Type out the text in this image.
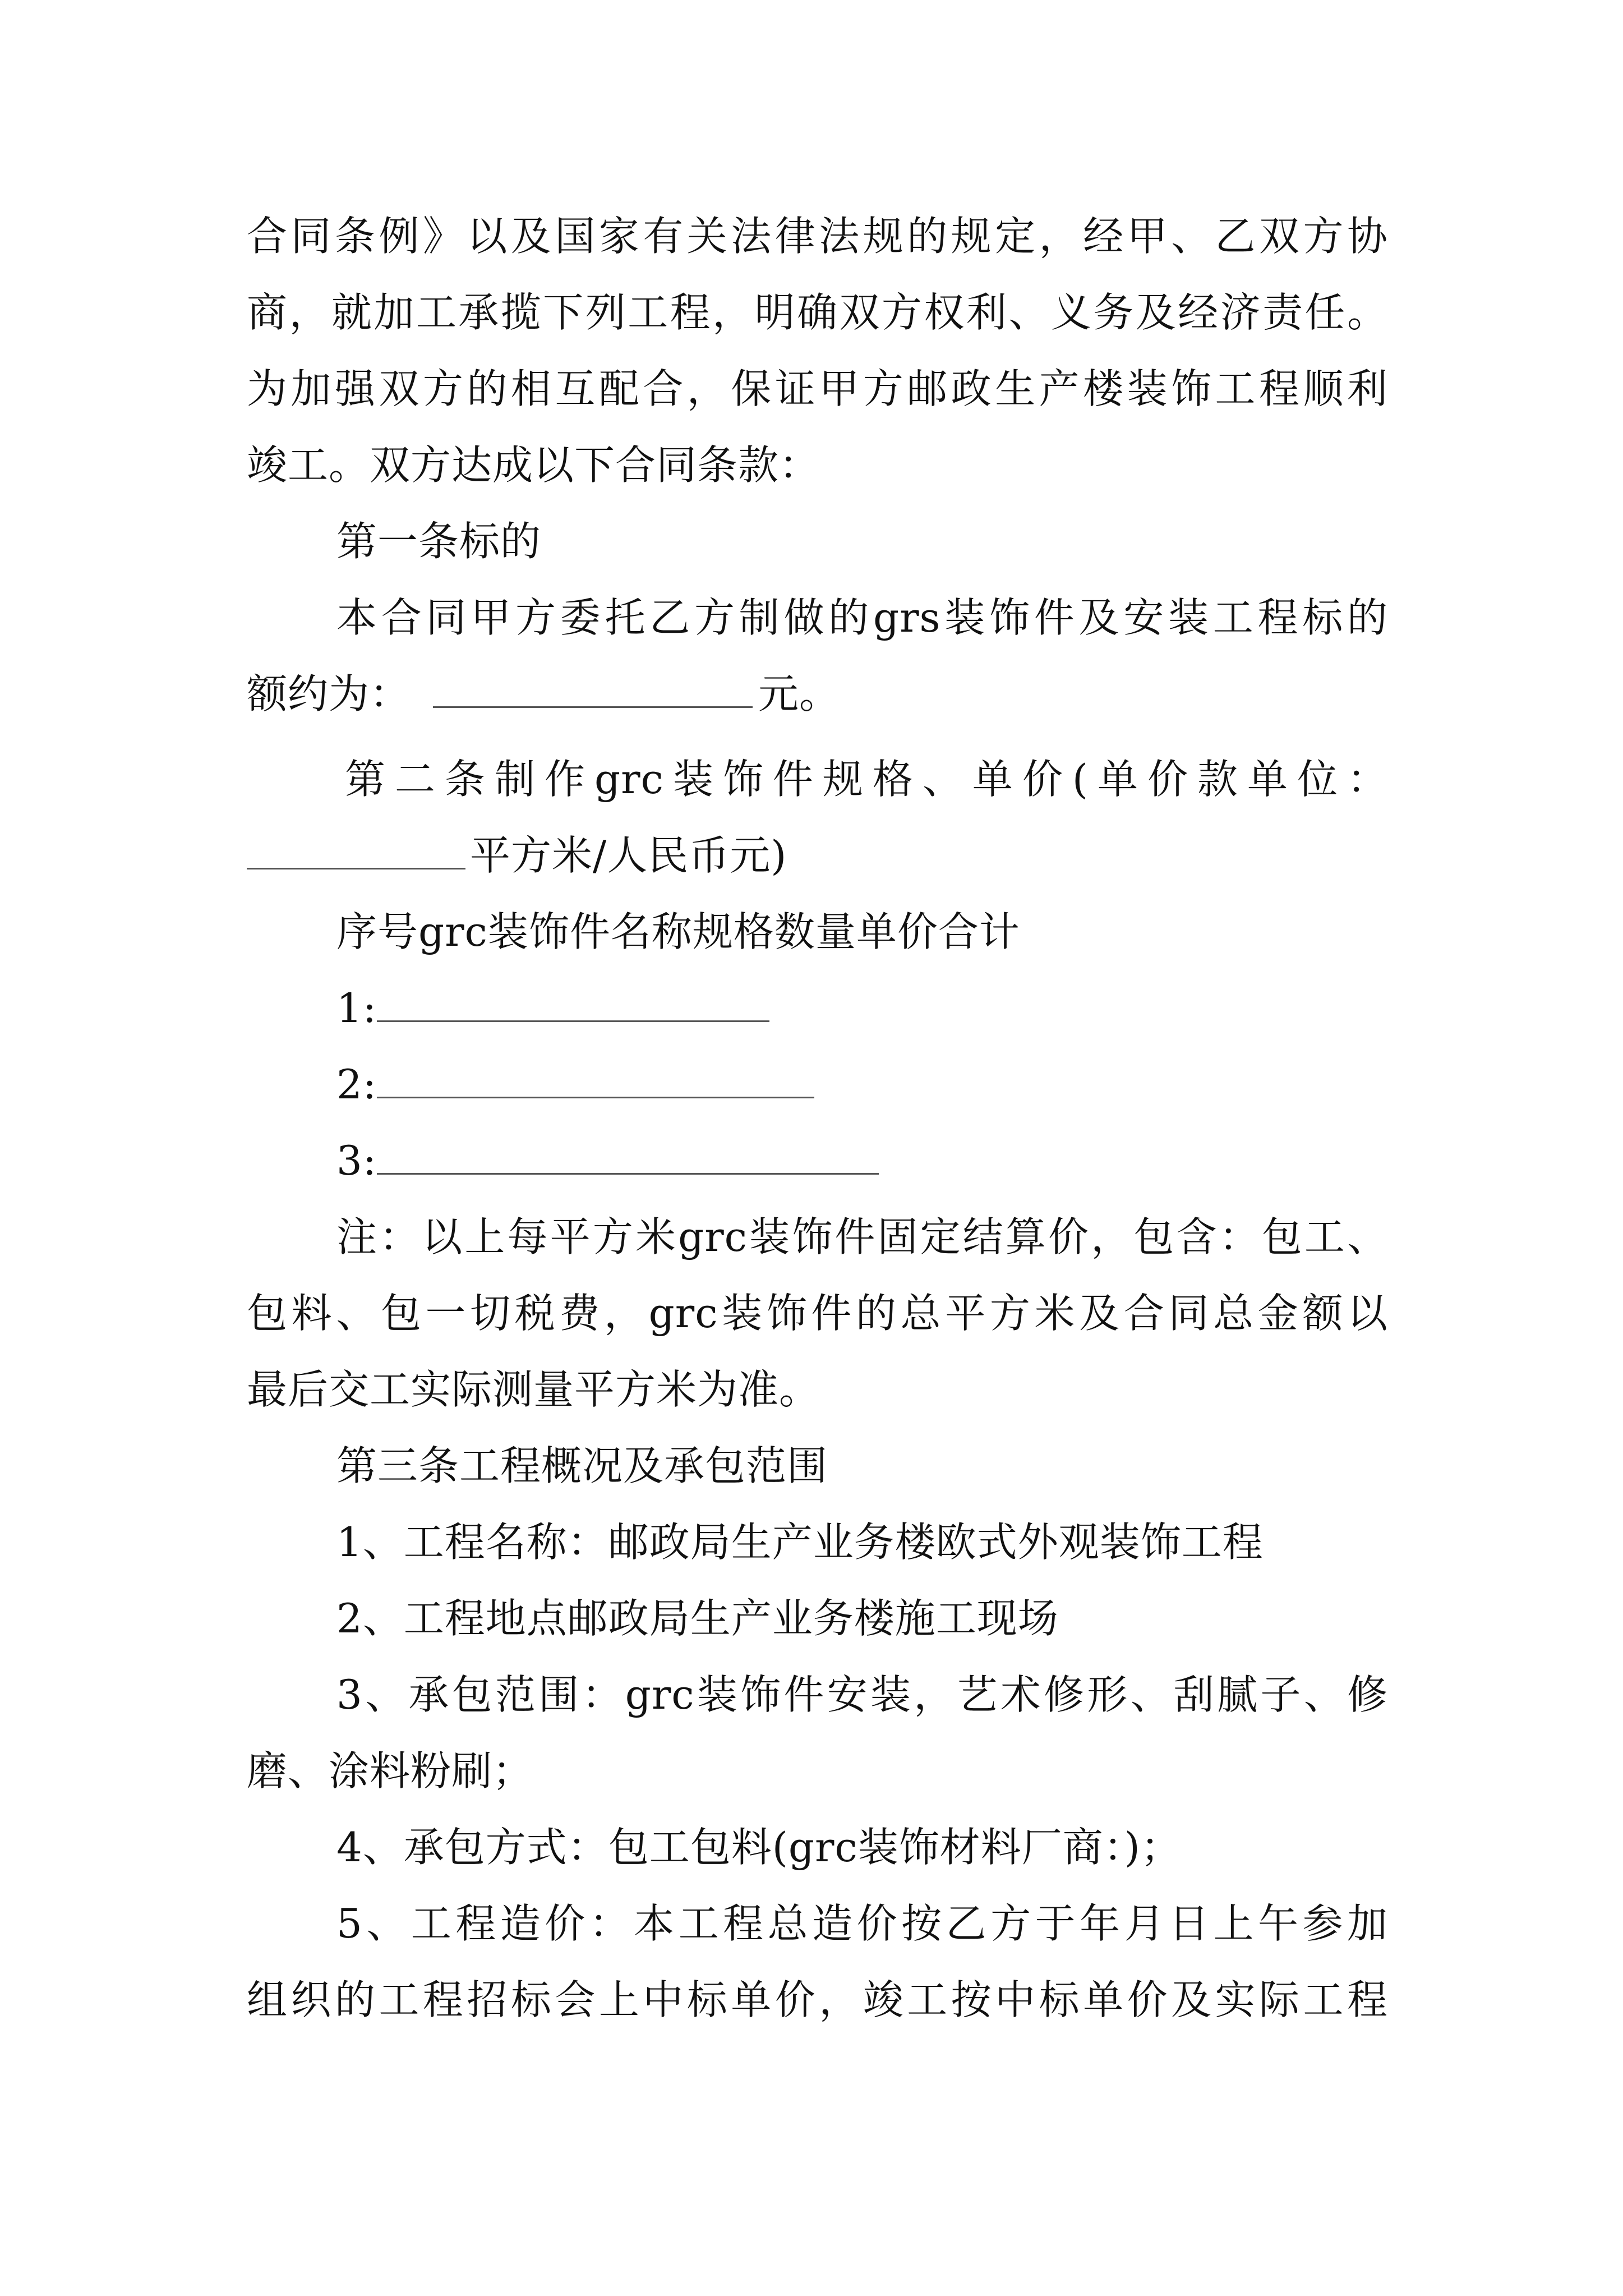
合同条例》以及国家有关法律法规的规定，经甲、乙双方协
商，就加工承揽下列工程，明确双方权利、义务及经济责任。
为加强双方的相互配合，保证甲方邮政生产楼装饰工程顺利
竣工。双方达成以下合同条款：
第一条标的
本合同甲方委托乙方制做的grs装饰件及安装工程标的
额约为：	元。
第二条制作grc装饰件规格、单价(单价款单位：
平方米/人民币元)
序号grc装饰件名称规格数量单价合计
1:
2:
3:
注：以上每平方米grc装饰件固定结算价，包含：包工、
包料、包一切税费，grc装饰件的总平方米及合同总金额以
最后交工实际测量平方米为准。
第三条工程概况及承包范围
1、工程名称：邮政局生产业务楼欧式外观装饰工程
2、工程地点邮政局生产业务楼施工现场
3、承包范围：grc装饰件安装，艺术修形、刮腻子、修
磨、涂料粉刷；
4、承包方式：包工包料(grc装饰材料厂商：)；
5、工程造价：本工程总造价按乙方于年月日上午参加
组织的工程招标会上中标单价，竣工按中标单价及实际工程
